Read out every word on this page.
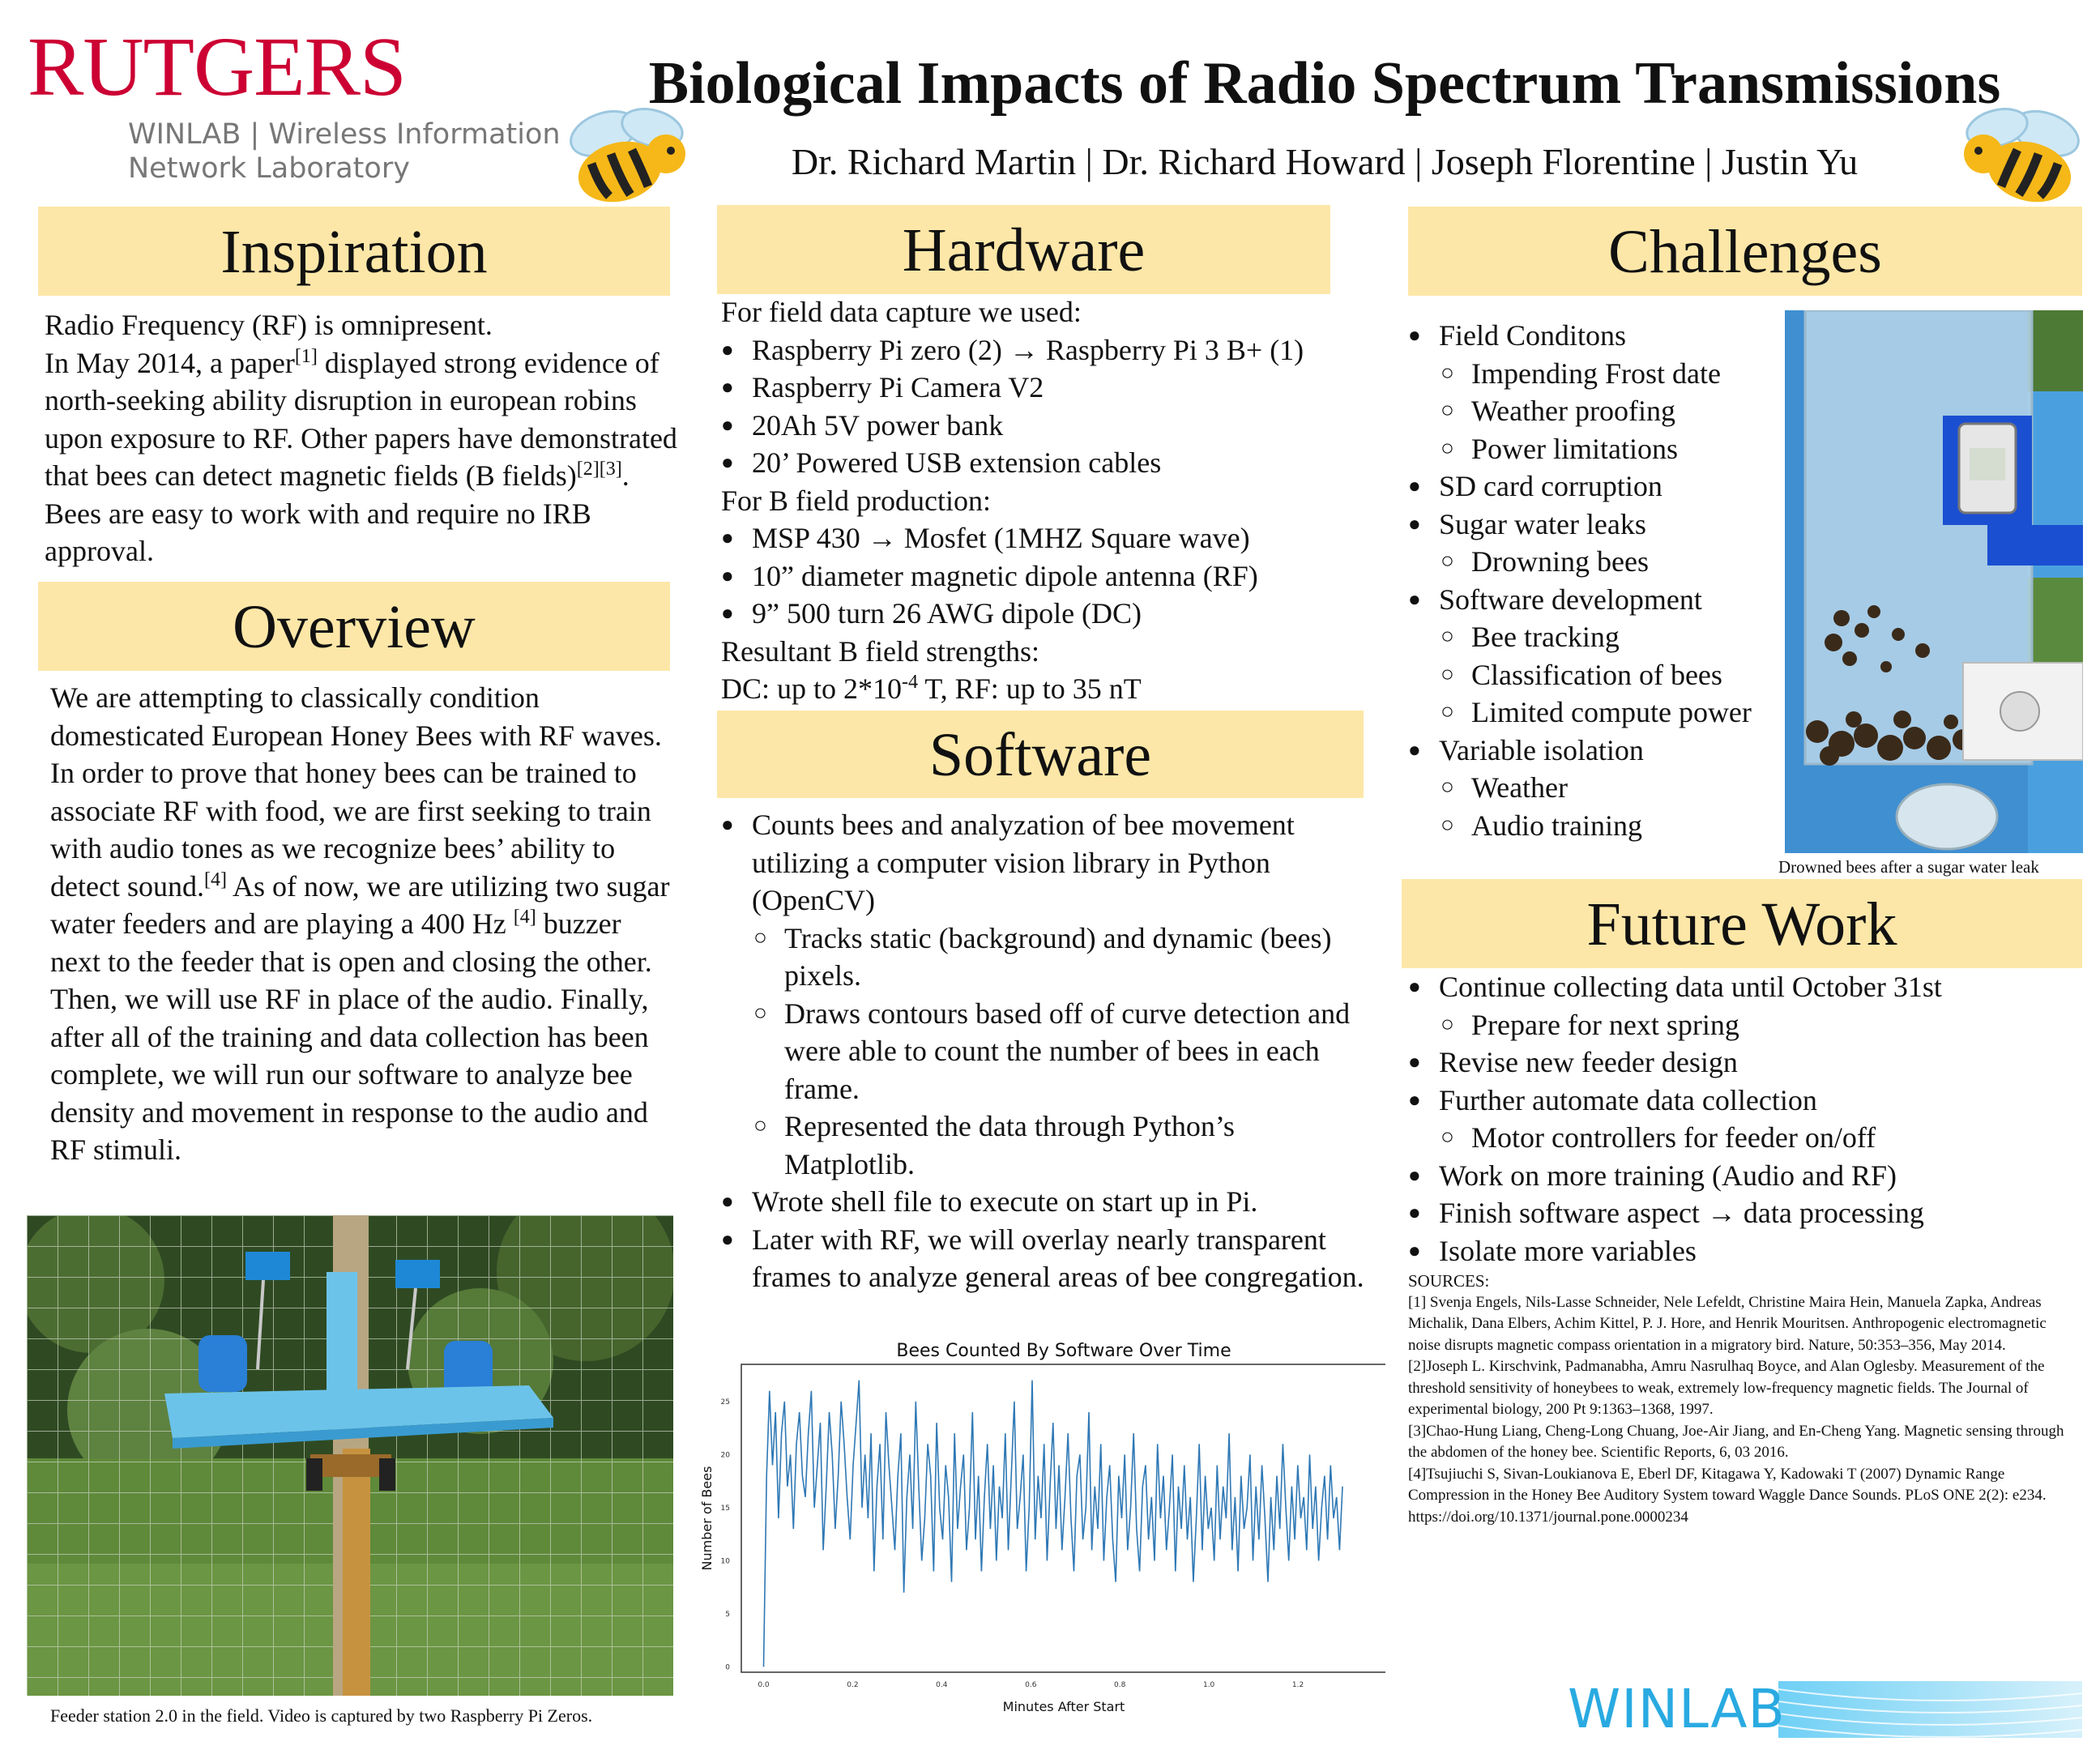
RUTGERS
WINLAB | Wireless Information
Network Laboratory
Biological Impacts of Radio Spectrum Transmissions
Dr. Richard Martin | Dr. Richard Howard | Joseph Florentine | Justin Yu
Inspiration

Radio Frequency (RF) is omnipresent.

In May 2014, a paper[1] displayed strong evidence of north-seeking ability disruption in european robins upon exposure to RF. Other papers have demonstrated that bees can detect magnetic fields (B fields)[2][3]. Bees are easy to work with and require no IRB approval.

Overview

We are attempting to classically condition domesticated European Honey Bees with RF waves. In order to prove that honey bees can be trained to associate RF with food, we are first seeking to train with audio tones as we recognize bees’ ability to detect sound.[4] As of now, we are utilizing two sugar water feeders and are playing a 400 Hz [4] buzzer next to the feeder that is open and closing the other. Then, we will use RF in place of the audio. Finally, after all of the training and data collection has been complete, we will run our software to analyze bee density and movement in response to the audio and RF stimuli.

Feeder station 2.0 in the field. Video is captured by two Raspberry Pi Zeros.
Hardware

For field data capture we used:

● Raspberry Pi zero (2) → Raspberry Pi 3 B+ (1)
● Raspberry Pi Camera V2
● 20Ah 5V power bank
● 20’ Powered USB extension cables

For B field production:

● MSP 430 → Mosfet (1MHZ Square wave)
● 10” diameter magnetic dipole antenna (RF)
● 9” 500 turn 26 AWG dipole (DC)

Resultant B field strengths:

DC: up to $2*10^{-4}$ T, RF: up to 35 nT

Software
● Counts bees and analyzation of bee movement utilizing a computer vision library in Python (OpenCV)
○ Tracks static (background) and dynamic (bees) pixels.
○ Draws contours based off of curve detection and were able to count the number of bees in each frame.
○ Represented the data through Python’s Matplotlib.
● Wrote shell file to execute on start up in Pi.
● Later with RF, we will overlay nearly transparent frames to analyze general areas of bee congregation.
Bees Counted By Software Over Time
Minutes After Start
Number of Bees
0.0	0.2	0.4	0.6	0.8	1.0	1.2
0
5
10
15
20
25
Challenges
● Field Conditons
○ Impending Frost date
○ Weather proofing
○ Power limitations
● SD card corruption
● Sugar water leaks
○ Drowning bees
● Software development
○ Bee tracking
○ Classification of bees
○ Limited compute power
● Variable isolation
○ Weather
○ Audio training
Drowned bees after a sugar water leak
Future Work
● Continue collecting data until October 31st
○ Prepare for next spring
● Revise new feeder design
● Further automate data collection
○ Motor controllers for feeder on/off
● Work on more training (Audio and RF)
● Finish software aspect → data processing
● Isolate more variables

SOURCES:

[1] Svenja Engels, Nils-Lasse Schneider, Nele Lefeldt, Christine Maira Hein, Manuela Zapka, Andreas

Michalik, Dana Elbers, Achim Kittel, P. J. Hore, and Henrik Mouritsen. Anthropogenic electromagnetic

noise disrupts magnetic compass orientation in a migratory bird. Nature, 50:353–356, May 2014.

[2]Joseph L. Kirschvink, Padmanabha, Amru Nasrulhaq Boyce, and Alan Oglesby. Measurement of the

threshold sensitivity of honeybees to weak, extremely low-frequency magnetic fields. The Journal of

experimental biology, 200 Pt 9:1363–1368, 1997.

[3]Chao-Hung Liang, Cheng-Long Chuang, Joe-Air Jiang, and En-Cheng Yang. Magnetic sensing through

the abdomen of the honey bee. Scientific Reports, 6, 03 2016.

[4]Tsujiuchi S, Sivan-Loukianova E, Eberl DF, Kitagawa Y, Kadowaki T (2007) Dynamic Range Compression in the Honey Bee Auditory System toward Waggle Dance Sounds. PLoS ONE 2(2): e234. https://doi.org/10.1371/journal.pone.0000234

WINLAB
